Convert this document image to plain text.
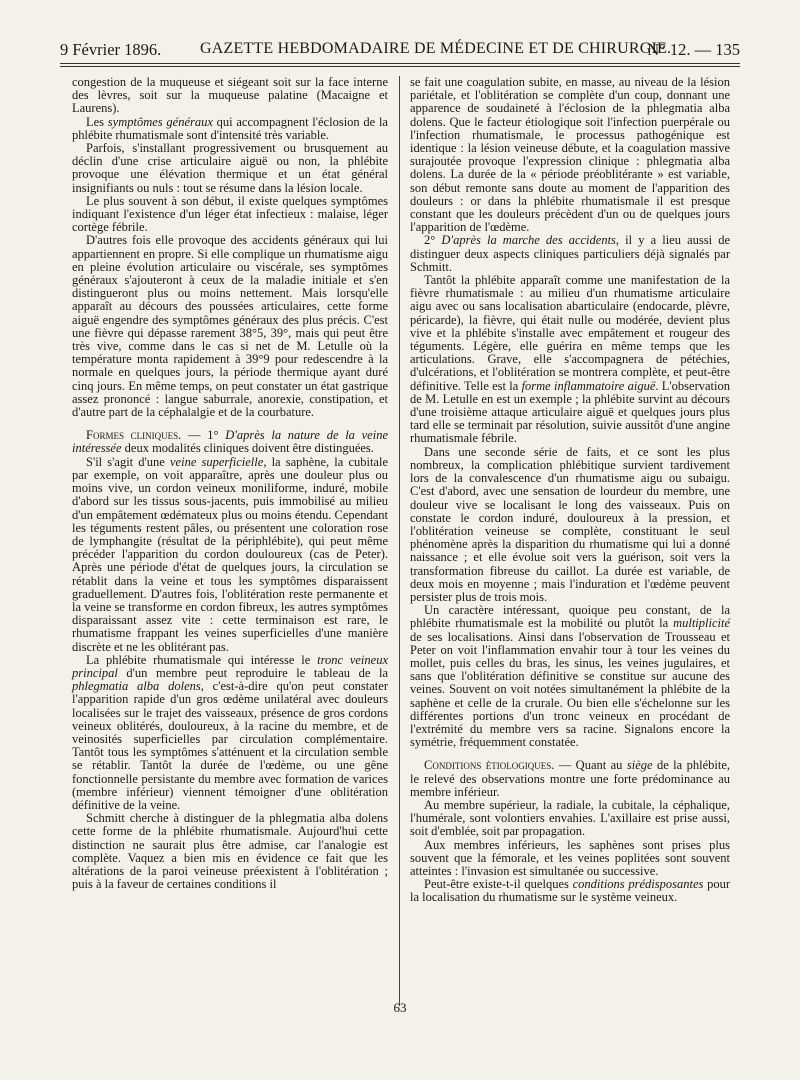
9 Février 1896. GAZETTE HEBDOMADAIRE DE MÉDECINE ET DE CHIRURGIE.
N° 12. — 135

congestion de la muqueuse et siégeant soit sur la face interne des lèvres, soit sur la muqueuse palatine (Macaigne et Laurens).

Les symptômes généraux qui accompagnent l'éclosion de la phlébite rhumatismale sont d'intensité très variable.

Parfois, s'installant progressivement ou brusquement au déclin d'une crise articulaire aiguë ou non, la phlébite provoque une élévation thermique et un état général insignifiants ou nuls : tout se résume dans la lésion locale.

Le plus souvent à son début, il existe quelques symptômes indiquant l'existence d'un léger état infectieux : malaise, léger cortège fébrile.

D'autres fois elle provoque des accidents généraux qui lui appartiennent en propre. Si elle complique un rhumatisme aigu en pleine évolution articulaire ou viscérale, ses symptômes généraux s'ajouteront à ceux de la maladie initiale et s'en distingueront plus ou moins nettement. Mais lorsqu'elle apparaît au décours des poussées articulaires, cette forme aiguë engendre des symptômes généraux des plus précis. C'est une fièvre qui dépasse rarement 38°5, 39°, mais qui peut être très vive, comme dans le cas si net de M. Letulle où la température monta rapidement à 39°9 pour redescendre à la normale en quelques jours, la période thermique ayant duré cinq jours. En même temps, on peut constater un état gastrique assez prononcé : langue saburrale, anorexie, constipation, et d'autre part de la céphalalgie et de la courbature.

Formes cliniques. — 1° D'après la nature de la veine intéressée deux modalités cliniques doivent être distinguées.

S'il s'agit d'une veine superficielle, la saphène, la cubitale par exemple, on voit apparaître, après une douleur plus ou moins vive, un cordon veineux moniliforme, induré, mobile d'abord sur les tissus sous-jacents, puis immobilisé au milieu d'un empâtement œdémateux plus ou moins étendu. Cependant les téguments restent pâles, ou présentent une coloration rose de lymphangite (résultat de la périphlébite), qui peut même précéder l'apparition du cordon douloureux (cas de Peter). Après une période d'état de quelques jours, la circulation se rétablit dans la veine et tous les symptômes disparaissent graduellement. D'autres fois, l'oblitération reste permanente et la veine se transforme en cordon fibreux, les autres symptômes disparaissant assez vite : cette terminaison est rare, le rhumatisme frappant les veines superficielles d'une manière discrète et ne les oblitérant pas.

La phlébite rhumatismale qui intéresse le tronc veineux principal d'un membre peut reproduire le tableau de la phlegmatia alba dolens, c'est-à-dire qu'on peut constater l'apparition rapide d'un gros œdème unilatéral avec douleurs localisées sur le trajet des vaisseaux, présence de gros cordons veineux oblitérés, douloureux, à la racine du membre, et de veinosités superficielles par circulation complémentaire. Tantôt tous les symptômes s'atténuent et la circulation semble se rétablir. Tantôt la durée de l'œdème, ou une gêne fonctionnelle persistante du membre avec formation de varices (membre inférieur) viennent témoigner d'une oblitération définitive de la veine.

Schmitt cherche à distinguer de la phlegmatia alba dolens cette forme de la phlébite rhumatismale. Aujourd'hui cette distinction ne saurait plus être admise, car l'analogie est complète. Vaquez a bien mis en évidence ce fait que les altérations de la paroi veineuse préexistent à l'oblitération ; puis à la faveur de certaines conditions il

se fait une coagulation subite, en masse, au niveau de la lésion pariétale, et l'oblitération se complète d'un coup, donnant une apparence de soudaineté à l'éclosion de la phlegmatia alba dolens. Que le facteur étiologique soit l'infection puerpérale ou l'infection rhumatismale, le processus pathogénique est identique : la lésion veineuse débute, et la coagulation massive surajoutée provoque l'expression clinique : phlegmatia alba dolens. La durée de la « période préoblitérante » est variable, son début remonte sans doute au moment de l'apparition des douleurs : or dans la phlébite rhumatismale il est presque constant que les douleurs précèdent d'un ou de quelques jours l'apparition de l'œdème.

2° D'après la marche des accidents, il y a lieu aussi de distinguer deux aspects cliniques particuliers déjà signalés par Schmitt.

Tantôt la phlébite apparaît comme une manifestation de la fièvre rhumatismale : au milieu d'un rhumatisme articulaire aigu avec ou sans localisation abarticulaire (endocarde, plèvre, péricarde), la fièvre, qui était nulle ou modérée, devient plus vive et la phlébite s'installe avec empâtement et rougeur des téguments. Légère, elle guérira en même temps que les articulations. Grave, elle s'accompagnera de pétéchies, d'ulcérations, et l'oblitération se montrera complète, et peut-être définitive. Telle est la forme inflammatoire aiguë. L'observation de M. Letulle en est un exemple ; la phlébite survint au décours d'une troisième attaque articulaire aiguë et quelques jours plus tard elle se terminait par résolution, suivie aussitôt d'une angine rhumatismale fébrile.

Dans une seconde série de faits, et ce sont les plus nombreux, la complication phlébitique survient tardivement lors de la convalescence d'un rhumatisme aigu ou subaigu. C'est d'abord, avec une sensation de lourdeur du membre, une douleur vive se localisant le long des vaisseaux. Puis on constate le cordon induré, douloureux à la pression, et l'oblitération veineuse se complète, constituant le seul phénomène après la disparition du rhumatisme qui lui a donné naissance ; et elle évolue soit vers la guérison, soit vers la transformation fibreuse du caillot. La durée est variable, de deux mois en moyenne ; mais l'induration et l'œdème peuvent persister plus de trois mois.

Un caractère intéressant, quoique peu constant, de la phlébite rhumatismale est la mobilité ou plutôt la multiplicité de ses localisations. Ainsi dans l'observation de Trousseau et Peter on voit l'inflammation envahir tour à tour les veines du mollet, puis celles du bras, les sinus, les veines jugulaires, et sans que l'oblitération définitive se constitue sur aucune des veines. Souvent on voit notées simultanément la phlébite de la saphène et celle de la crurale. Ou bien elle s'échelonne sur les différentes portions d'un tronc veineux en procédant de l'extrémité du membre vers sa racine. Signalons encore la symétrie, fréquemment constatée.

Conditions étiologiques. — Quant au siège de la phlébite, le relevé des observations montre une forte prédominance au membre inférieur.

Au membre supérieur, la radiale, la cubitale, la céphalique, l'humérale, sont volontiers envahies. L'axillaire est prise aussi, soit d'emblée, soit par propagation.

Aux membres inférieurs, les saphènes sont prises plus souvent que la fémorale, et les veines poplitées sont souvent atteintes : l'invasion est simultanée ou successive.

Peut-être existe-t-il quelques conditions prédisposantes pour la localisation du rhumatisme sur le système veineux.

63
